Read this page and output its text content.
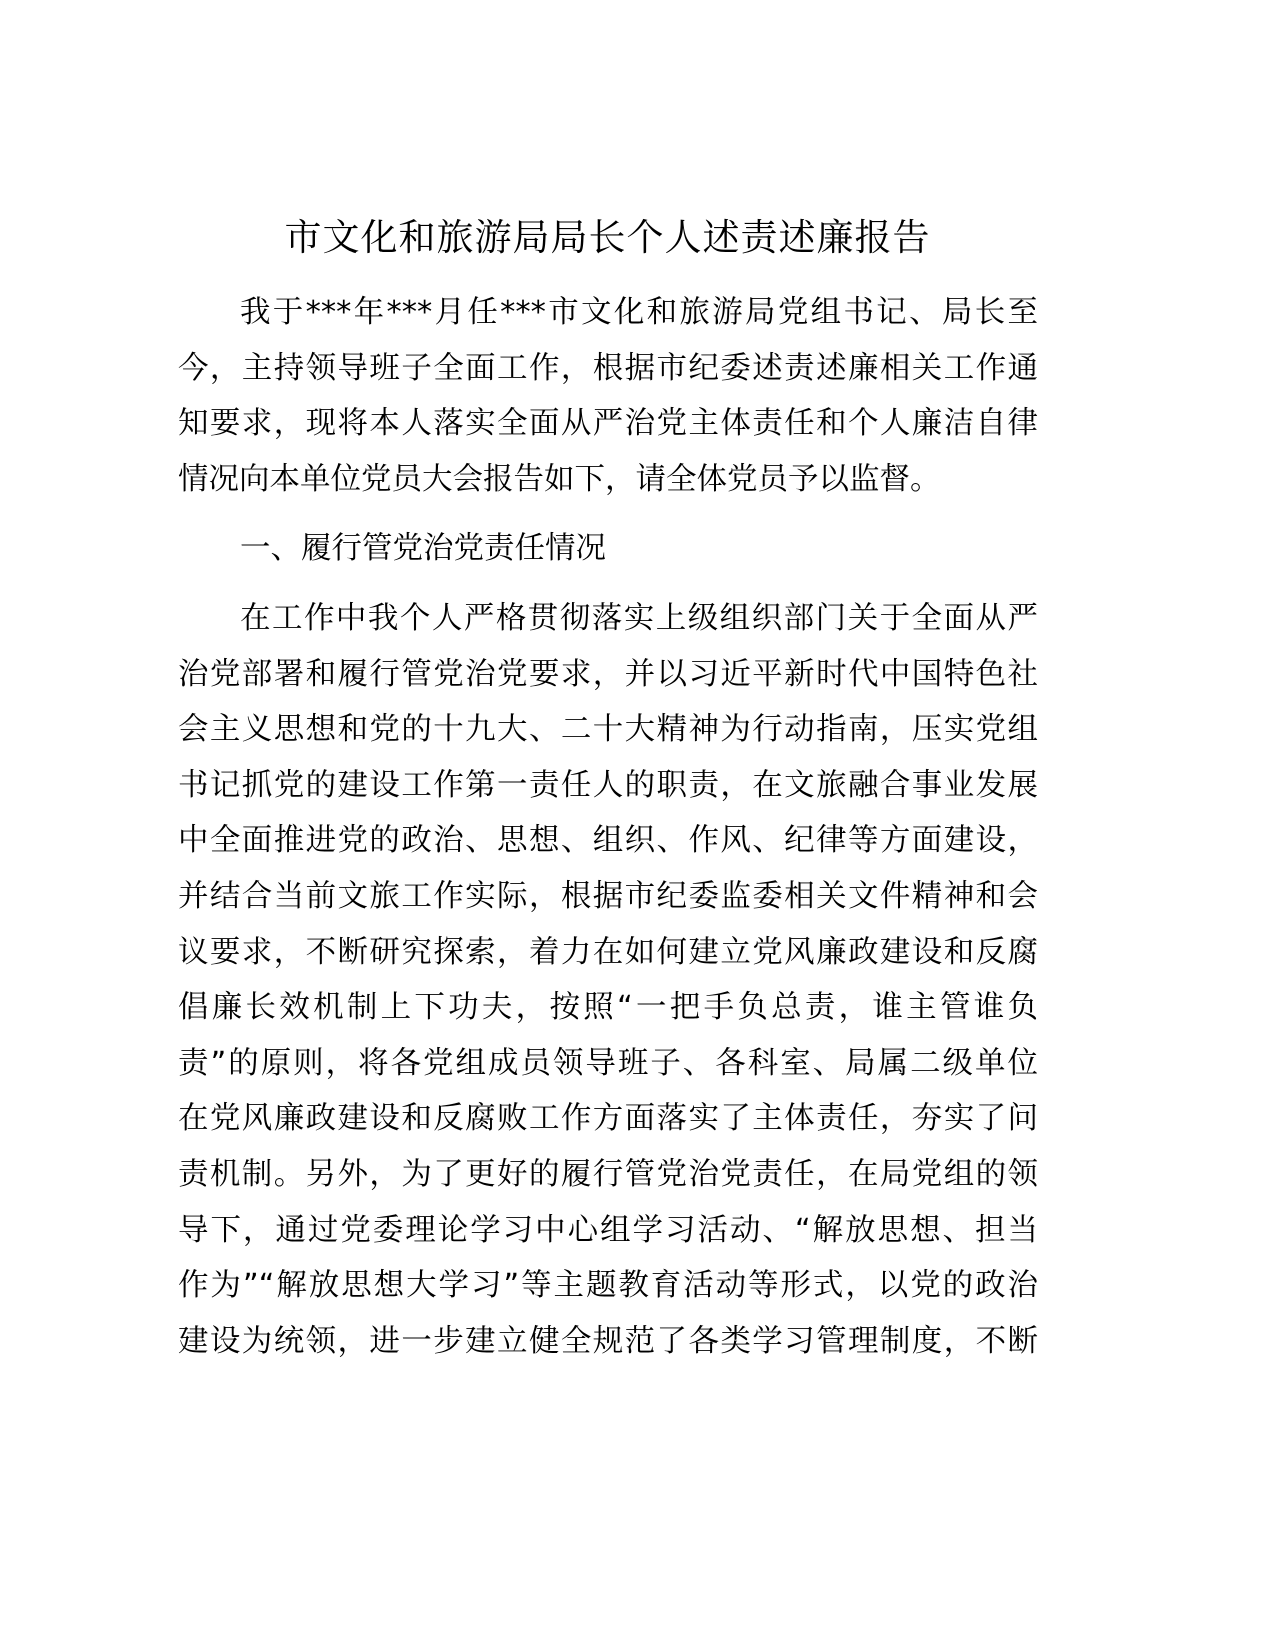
市文化和旅游局局长个人述责述廉报告
我于***年***月任***市文化和旅游局党组书记、局长至
今，主持领导班子全面工作，根据市纪委述责述廉相关工作通
知要求，现将本人落实全面从严治党主体责任和个人廉洁自律
情况向本单位党员大会报告如下，请全体党员予以监督。
一、履行管党治党责任情况
在工作中我个人严格贯彻落实上级组织部门关于全面从严
治党部署和履行管党治党要求，并以习近平新时代中国特色社
会主义思想和党的十九大、二十大精神为行动指南，压实党组
书记抓党的建设工作第一责任人的职责，在文旅融合事业发展
中全面推进党的政治、思想、组织、作风、纪律等方面建设，
并结合当前文旅工作实际，根据市纪委监委相关文件精神和会
议要求，不断研究探索，着力在如何建立党风廉政建设和反腐
倡廉长效机制上下功夫，按照“一把手负总责，谁主管谁负
责”的原则，将各党组成员领导班子、各科室、局属二级单位
在党风廉政建设和反腐败工作方面落实了主体责任，夯实了问
责机制。另外，为了更好的履行管党治党责任，在局党组的领
导下，通过党委理论学习中心组学习活动、“解放思想、担当
作为”“解放思想大学习”等主题教育活动等形式，以党的政治
建设为统领，进一步建立健全规范了各类学习管理制度，不断
